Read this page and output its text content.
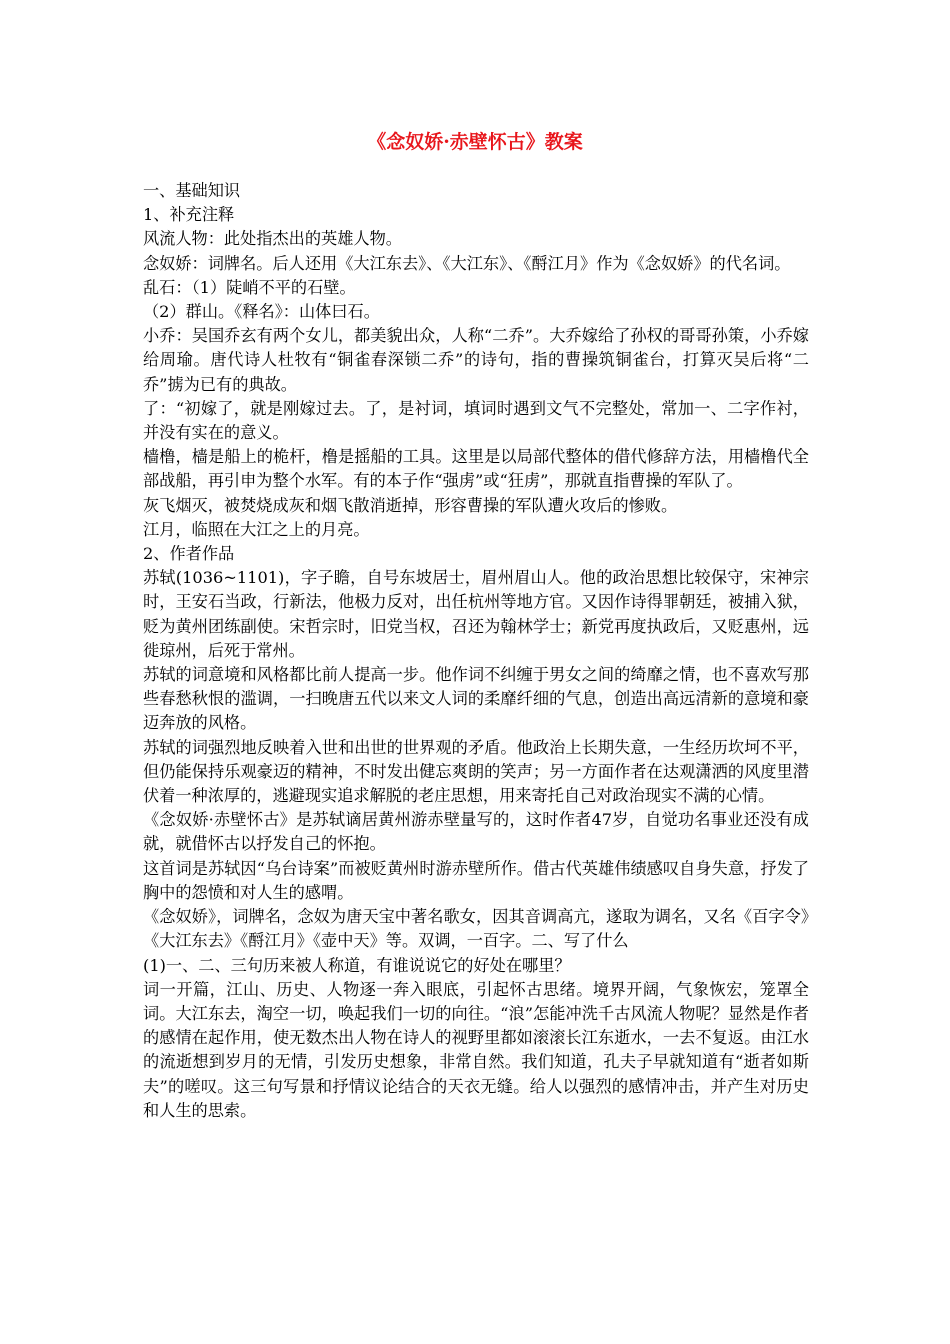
《念奴娇·赤壁怀古》教案

一、基础知识

1、补充注释

风流人物：此处指杰出的英雄人物。

念奴娇：词牌名。后人还用《大江东去》、《大江东》、《酹江月》作为《念奴娇》的代名词。

乱石：（1）陡峭不平的石壁。

（2）群山。《释名》：山体曰石。

小乔：吴国乔玄有两个女儿，都美貌出众，人称“二乔”。大乔嫁给了孙权的哥哥孙策，小乔嫁给周瑜。唐代诗人杜牧有“铜雀春深锁二乔”的诗句，指的曹操筑铜雀台，打算灭吴后将“二乔”掳为已有的典故。

了：“初嫁了，就是刚嫁过去。了，是衬词，填词时遇到文气不完整处，常加一、二字作衬，并没有实在的意义。

樯橹，樯是船上的桅杆，橹是摇船的工具。这里是以局部代整体的借代修辞方法，用樯橹代全部战船，再引申为整个水军。有的本子作“强虏”或“狂虏”，那就直指曹操的军队了。

灰飞烟灭，被焚烧成灰和烟飞散消逝掉，形容曹操的军队遭火攻后的惨败。

江月，临照在大江之上的月亮。

2、作者作品

苏轼(1036~1101)，字子瞻，自号东坡居士，眉州眉山人。他的政治思想比较保守，宋神宗时，王安石当政，行新法，他极力反对，出任杭州等地方官。又因作诗得罪朝廷，被捕入狱，贬为黄州团练副使。宋哲宗时，旧党当权，召还为翰林学士；新党再度执政后，又贬惠州，远徙琼州，后死于常州。

苏轼的词意境和风格都比前人提高一步。他作词不纠缠于男女之间的绮靡之情，也不喜欢写那些春愁秋恨的滥调，一扫晚唐五代以来文人词的柔靡纤细的气息，创造出高远清新的意境和豪迈奔放的风格。

苏轼的词强烈地反映着入世和出世的世界观的矛盾。他政治上长期失意，一生经历坎坷不平，但仍能保持乐观豪迈的精神，不时发出健忘爽朗的笑声；另一方面作者在达观潇洒的风度里潜伏着一种浓厚的，逃避现实追求解脱的老庄思想，用来寄托自己对政治现实不满的心情。

《念奴娇·赤壁怀古》是苏轼谪居黄州游赤壁量写的，这时作者47岁，自觉功名事业还没有成就，就借怀古以抒发自己的怀抱。

这首词是苏轼因“乌台诗案”而被贬黄州时游赤壁所作。借古代英雄伟绩感叹自身失意，抒发了胸中的怨愤和对人生的感喟。

《念奴娇》，词牌名，念奴为唐天宝中著名歌女，因其音调高亢，遂取为调名，又名《百字令》《大江东去》《酹江月》《壶中天》等。双调，一百字。二、写了什么

(1)一、二、三句历来被人称道，有谁说说它的好处在哪里？

词一开篇，江山、历史、人物逐一奔入眼底，引起怀古思绪。境界开阔，气象恢宏，笼罩全词。大江东去，淘空一切，唤起我们一切的向往。“浪”怎能冲洗千古风流人物呢？显然是作者的感情在起作用，使无数杰出人物在诗人的视野里都如滚滚长江东逝水，一去不复返。由江水的流逝想到岁月的无情，引发历史想象，非常自然。我们知道，孔夫子早就知道有“逝者如斯夫”的嗟叹。这三句写景和抒情议论结合的天衣无缝。给人以强烈的感情冲击，并产生对历史和人生的思索。
